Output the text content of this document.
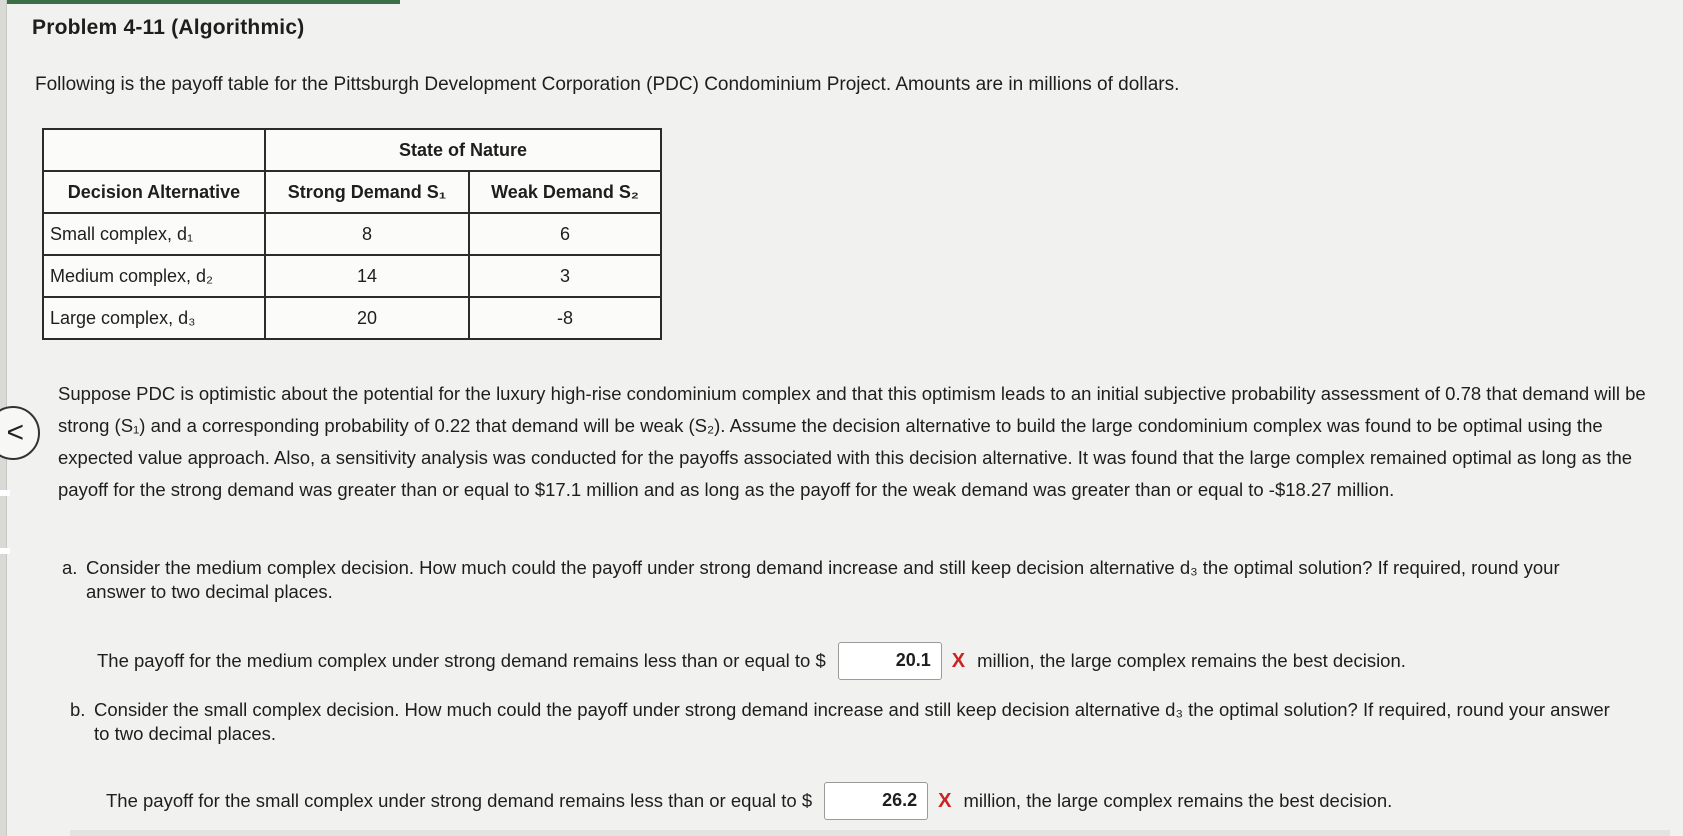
Problem 4-11 (Algorithmic)
Following is the payoff table for the Pittsburgh Development Corporation (PDC) Condominium Project. Amounts are in millions of dollars.
	State of Nature	
Decision Alternative	Strong Demand S₁	Weak Demand S₂
Small complex, d₁	8	6
Medium complex, d₂	14	3
Large complex, d₃	20	-8
<
Suppose PDC is optimistic about the potential for the luxury high-rise condominium complex and that this optimism leads to an initial subjective probability assessment of 0.78 that demand will be strong (S₁) and a corresponding probability of 0.22 that demand will be weak (S₂). Assume the decision alternative to build the large condominium complex was found to be optimal using the expected value approach. Also, a sensitivity analysis was conducted for the payoffs associated with this decision alternative. It was found that the large complex remained optimal as long as the payoff for the strong demand was greater than or equal to $17.1 million and as long as the payoff for the weak demand was greater than or equal to -$18.27 million.
a. Consider the medium complex decision. How much could the payoff under strong demand increase and still keep decision alternative d₃ the optimal solution? If required, round your answer to two decimal places.
The payoff for the medium complex under strong demand remains less than or equal to $	20.1	X million, the large complex remains the best decision.
b. Consider the small complex decision. How much could the payoff under strong demand increase and still keep decision alternative d₃ the optimal solution? If required, round your answer to two decimal places.
The payoff for the small complex under strong demand remains less than or equal to $	26.2	X million, the large complex remains the best decision.
